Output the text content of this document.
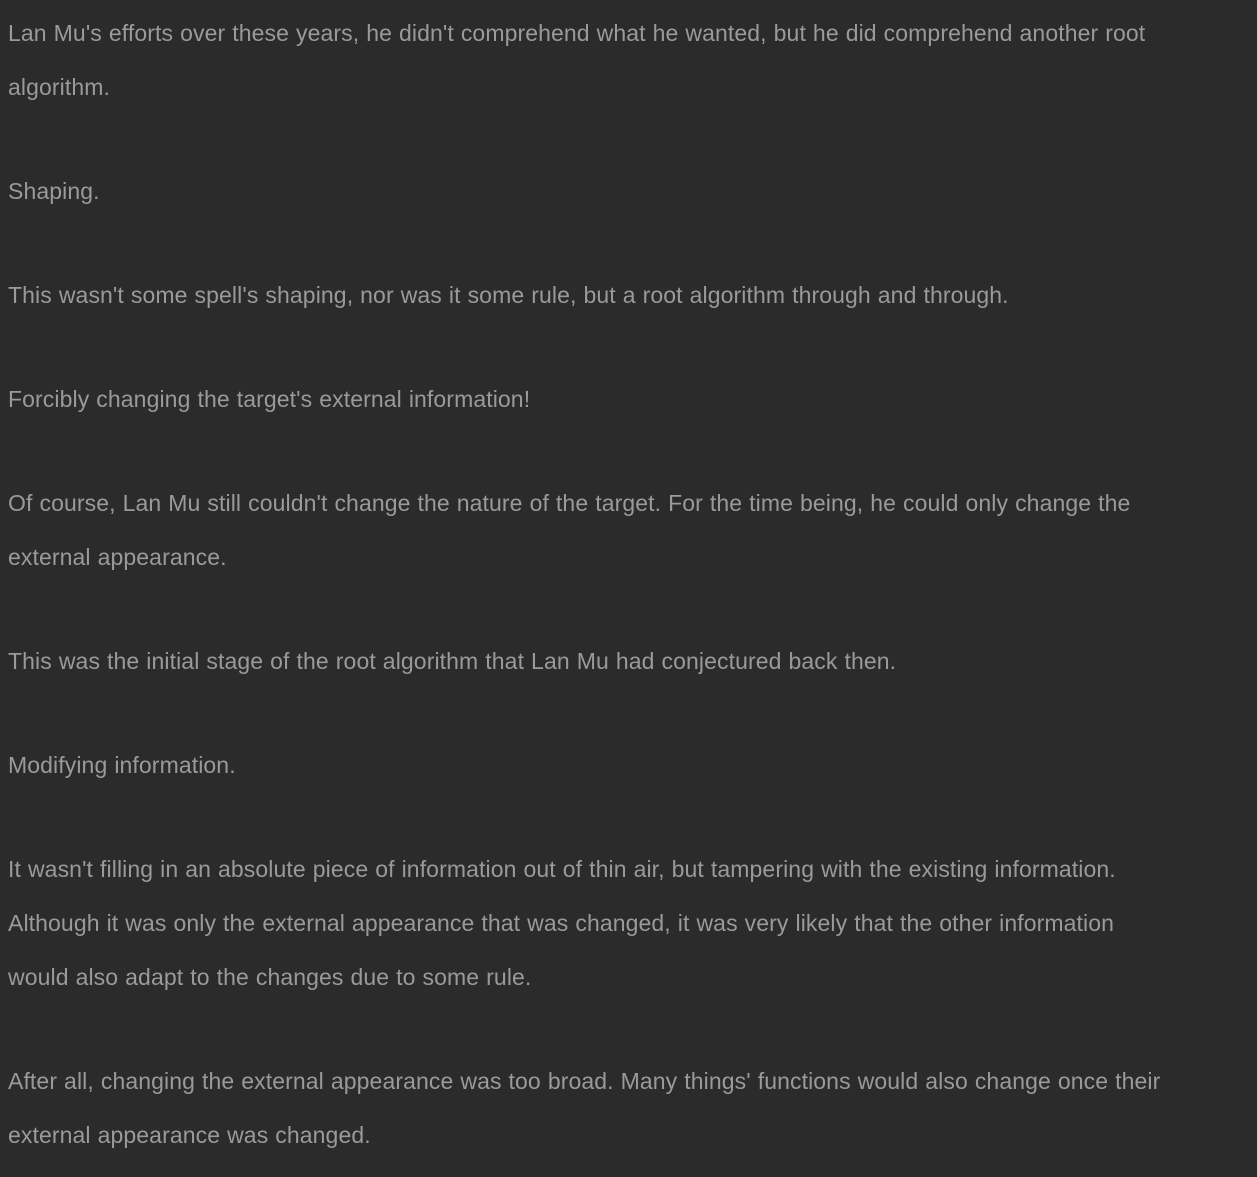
Lan Mu's efforts over these years, he didn't comprehend what he wanted, but he did comprehend another root algorithm.

Shaping.

This wasn't some spell's shaping, nor was it some rule, but a root algorithm through and through.

Forcibly changing the target's external information!

Of course, Lan Mu still couldn't change the nature of the target. For the time being, he could only change the external appearance.

This was the initial stage of the root algorithm that Lan Mu had conjectured back then.

Modifying information.

It wasn't filling in an absolute piece of information out of thin air, but tampering with the existing information. Although it was only the external appearance that was changed, it was very likely that the other information would also adapt to the changes due to some rule.

After all, changing the external appearance was too broad. Many things' functions would also change once their external appearance was changed.
